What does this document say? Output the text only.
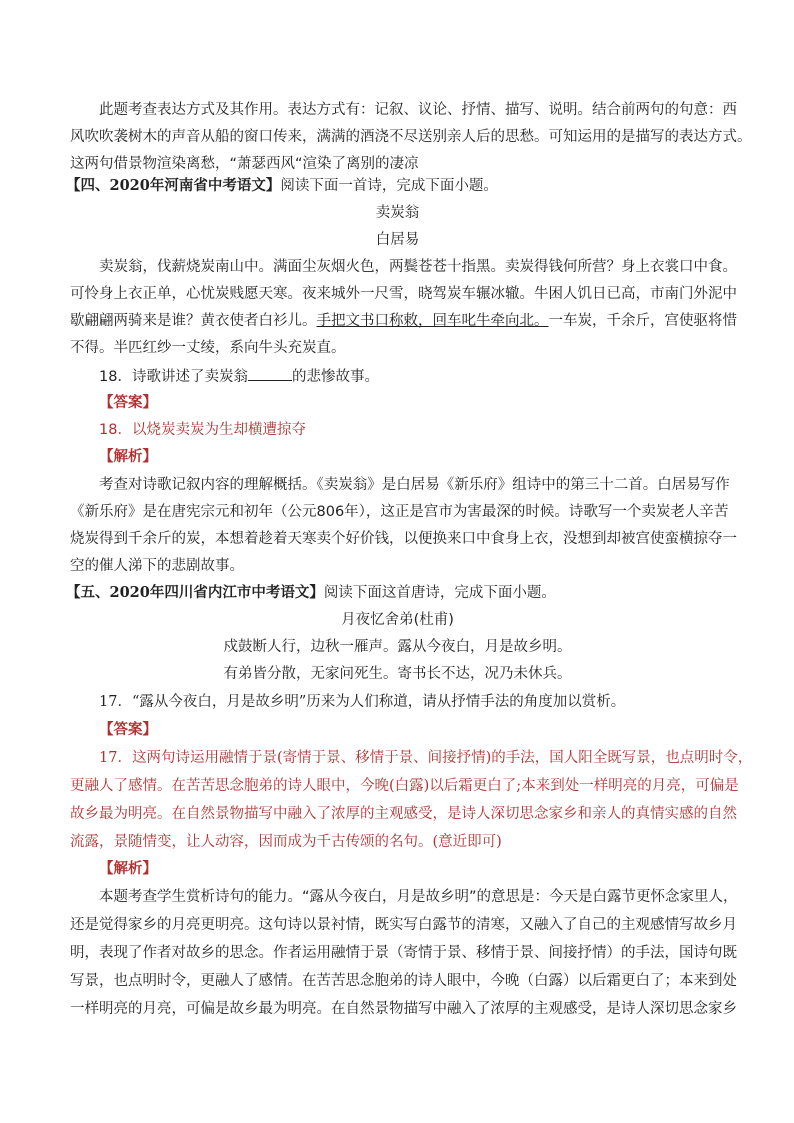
此题考查表达方式及其作用。表达方式有：记叙、议论、抒情、描写、说明。结合前两句的句意：西
风吹吹袭树木的声音从船的窗口传来，满满的酒浇不尽送别亲人后的思愁。可知运用的是描写的表达方式。
这两句借景物渲染离愁，“萧瑟西风“渲染了离别的凄凉
【四、2020年河南省中考语文】阅读下面一首诗，完成下面小题。
卖炭翁
白居易
卖炭翁，伐薪烧炭南山中。满面尘灰烟火色，两鬓苍苍十指黑。卖炭得钱何所营？身上衣裳口中食。
可怜身上衣正单，心忧炭贱愿天寒。夜来城外一尺雪，晓驾炭车辗冰辙。牛困人饥日已高，市南门外泥中
歇翩翩两骑来是谁？黄衣使者白衫儿。手把文书口称敕，回车叱牛牵向北。一车炭，千余斤，宫使驱将惜
不得。半匹红纱一丈绫，系向牛头充炭直。
18．诗歌讲述了卖炭翁	的悲惨故事。
【答案】
18．以烧炭卖炭为生却横遭掠夺
【解析】
考查对诗歌记叙内容的理解概括。《卖炭翁》是白居易《新乐府》组诗中的第三十二首。白居易写作
《新乐府》是在唐宪宗元和初年（公元806年），这正是宫市为害最深的时候。诗歌写一个卖炭老人辛苦
烧炭得到千余斤的炭，本想着趁着天寒卖个好价钱，以便换来口中食身上衣，没想到却被宫使蛮横掠夺一
空的催人涕下的悲剧故事。
【五、2020年四川省内江市中考语文】阅读下面这首唐诗，完成下面小题。
月夜忆舍弟(杜甫)
戍鼓断人行，边秋一雁声。露从今夜白，月是故乡明。
有弟皆分散，无家问死生。寄书长不达，况乃未休兵。
17．“露从今夜白，月是故乡明”历来为人们称道，请从抒情手法的角度加以赏析。
【答案】
17．这两句诗运用融情于景(寄情于景、移情于景、间接抒情)的手法，国人阳全既写景，也点明时令，
更融人了感情。在苦苦思念胞弟的诗人眼中，今晚(白露)以后霜更白了;本来到处一样明亮的月亮，可偏是
故乡最为明亮。在自然景物描写中融入了浓厚的主观感受，是诗人深切思念家乡和亲人的真情实感的自然
流露，景随情变，让人动容，因而成为千古传颂的名句。(意近即可)
【解析】
本题考查学生赏析诗句的能力。“露从今夜白，月是故乡明”的意思是：今天是白露节更怀念家里人，
还是觉得家乡的月亮更明亮。这句诗以景衬情，既实写白露节的清寒，又融入了自己的主观感情写故乡月
明，表现了作者对故乡的思念。作者运用融情于景（寄情于景、移情于景、间接抒情）的手法，国诗句既
写景，也点明时令，更融人了感情。在苦苦思念胞弟的诗人眼中，今晚（白露）以后霜更白了；本来到处
一样明亮的月亮，可偏是故乡最为明亮。在自然景物描写中融入了浓厚的主观感受，是诗人深切思念家乡
